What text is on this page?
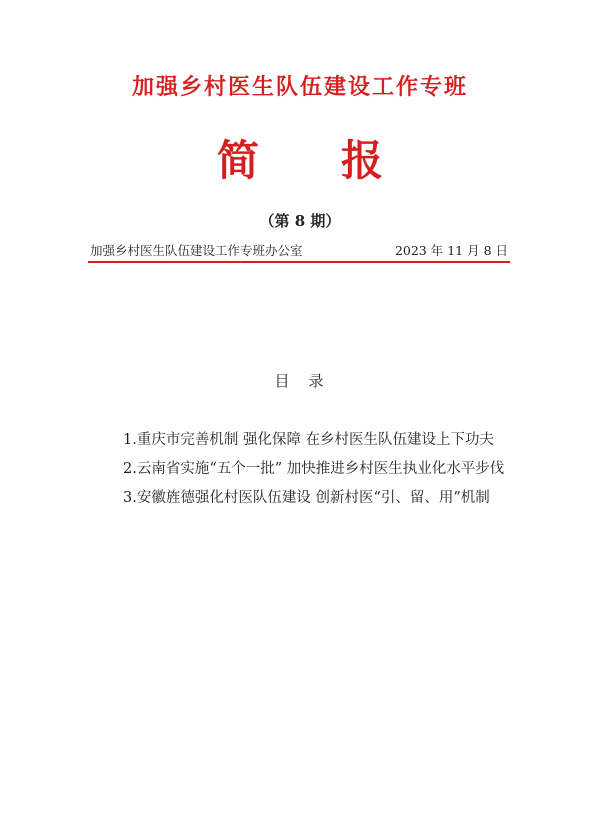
加强乡村医生队伍建设工作专班
简 报
（第 8 期）
加强乡村医生队伍建设工作专班办公室	2023 年 11 月 8 日
目　录
1.重庆市完善机制 强化保障 在乡村医生队伍建设上下功夫
2.云南省实施“五个一批” 加快推进乡村医生执业化水平步伐
3.安徽旌德强化村医队伍建设 创新村医“引、留、用”机制
